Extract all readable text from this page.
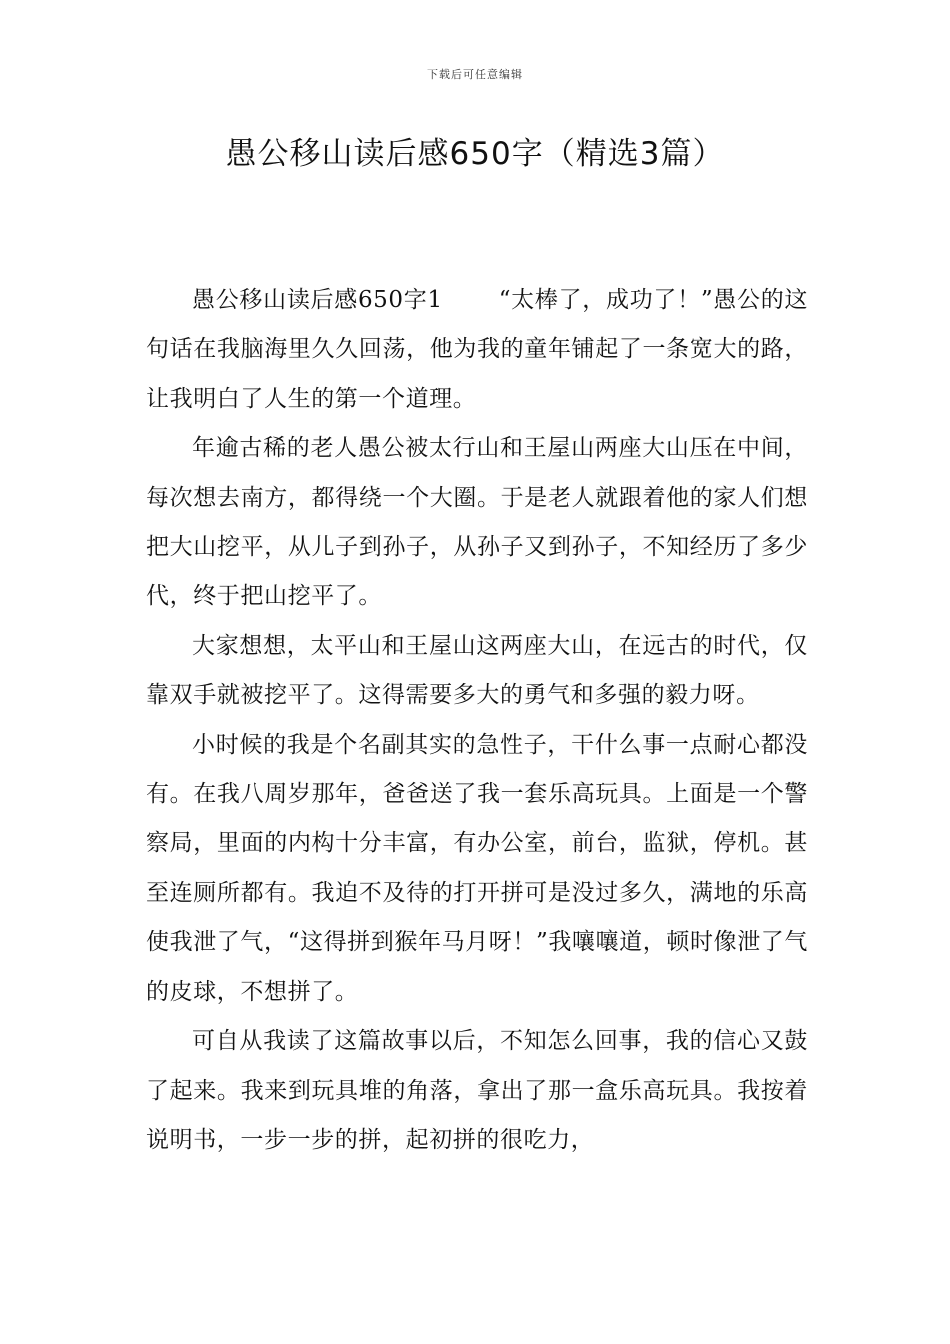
下载后可任意编辑
愚公移山读后感650字（精选3篇）

愚公移山读后感650字1 “太棒了，成功了！”愚公的这句话在我脑海里久久回荡，他为我的童年铺起了一条宽大的路，让我明白了人生的第一个道理。

年逾古稀的老人愚公被太行山和王屋山两座大山压在中间，每次想去南方，都得绕一个大圈。于是老人就跟着他的家人们想把大山挖平，从儿子到孙子，从孙子又到孙子，不知经历了多少代，终于把山挖平了。

大家想想，太平山和王屋山这两座大山，在远古的时代，仅靠双手就被挖平了。这得需要多大的勇气和多强的毅力呀。

小时候的我是个名副其实的急性子，干什么事一点耐心都没有。在我八周岁那年，爸爸送了我一套乐高玩具。上面是一个警察局，里面的内构十分丰富，有办公室，前台，监狱，停机。甚至连厕所都有。我迫不及待的打开拼可是没过多久，满地的乐高使我泄了气，“这得拼到猴年马月呀！”我嚷嚷道，顿时像泄了气的皮球，不想拼了。

可自从我读了这篇故事以后，不知怎么回事，我的信心又鼓了起来。我来到玩具堆的角落，拿出了那一盒乐高玩具。我按着说明书，一步一步的拼，起初拼的很吃力，
